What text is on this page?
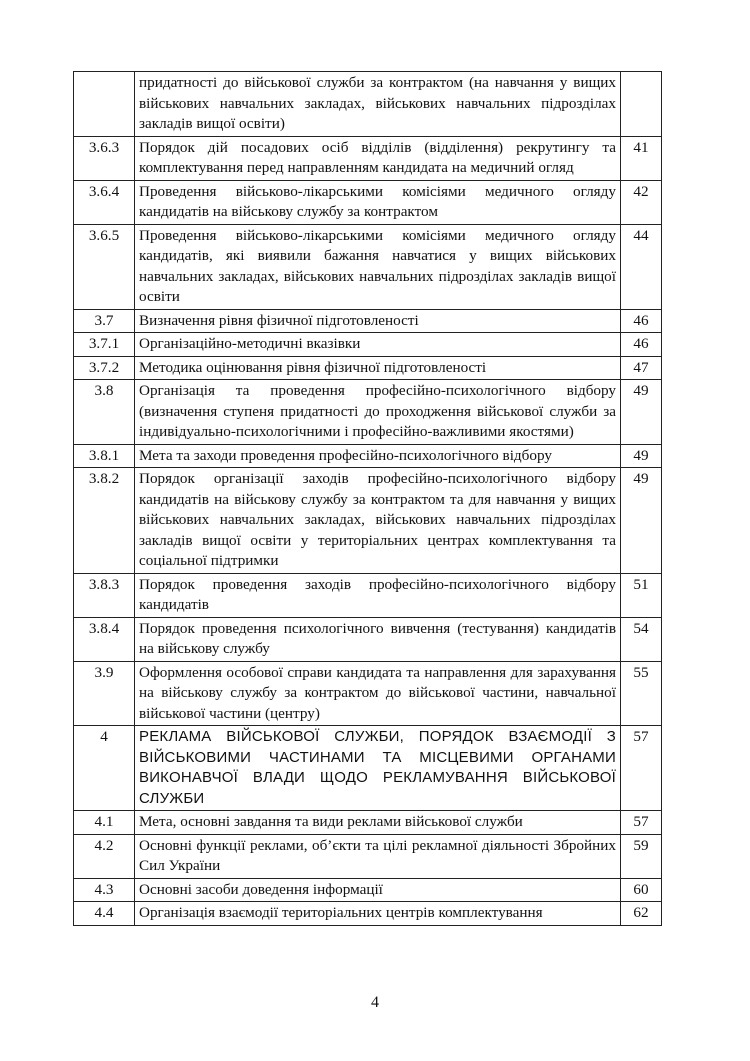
	придатності до військової служби за контрактом (на навчання у вищих військових навчальних закладах, військових навчальних підрозділах закладів вищої освіти)	
3.6.3	Порядок дій посадових осіб відділів (відділення) рекрутингу та комплектування перед направленням кандидата на медичний огляд	41
3.6.4	Проведення військово-лікарськими комісіями медичного огляду кандидатів на військову службу за контрактом	42
3.6.5	Проведення військово-лікарськими комісіями медичного огляду кандидатів, які виявили бажання навчатися у вищих військових навчальних закладах, військових навчальних підрозділах закладів вищої освіти	44
3.7	Визначення рівня фізичної підготовленості	46
3.7.1	Організаційно-методичні вказівки	46
3.7.2	Методика оцінювання рівня фізичної підготовленості	47
3.8	Організація та проведення професійно-психологічного відбору (визначення ступеня придатності до проходження військової служби за індивідуально-психологічними і професійно-важливими якостями)	49
3.8.1	Мета та заходи проведення професійно-психологічного відбору	49
3.8.2	Порядок організації заходів професійно-психологічного відбору кандидатів на військову службу за контрактом та для навчання у вищих військових навчальних закладах, військових навчальних підрозділах закладів вищої освіти у територіальних центрах комплектування та соціальної підтримки	49
3.8.3	Порядок проведення заходів професійно-психологічного відбору кандидатів	51
3.8.4	Порядок проведення психологічного вивчення (тестування) кандидатів на військову службу	54
3.9	Оформлення особової справи кандидата та направлення для зарахування на військову службу за контрактом до військової частини, навчальної військової частини (центру)	55
4	РЕКЛАМА ВІЙСЬКОВОЇ СЛУЖБИ, ПОРЯДОК ВЗАЄМОДІЇ З ВІЙСЬКОВИМИ ЧАСТИНАМИ ТА МІСЦЕВИМИ ОРГАНАМИ ВИКОНАВЧОЇ ВЛАДИ ЩОДО РЕКЛАМУВАННЯ ВІЙСЬКОВОЇ СЛУЖБИ	57
4.1	Мета, основні завдання та види реклами військової служби	57
4.2	Основні функції реклами, об’єкти та цілі рекламної діяльності Збройних Сил України	59
4.3	Основні засоби доведення інформації	60
4.4	Організація взаємодії територіальних центрів комплектування	62
4
